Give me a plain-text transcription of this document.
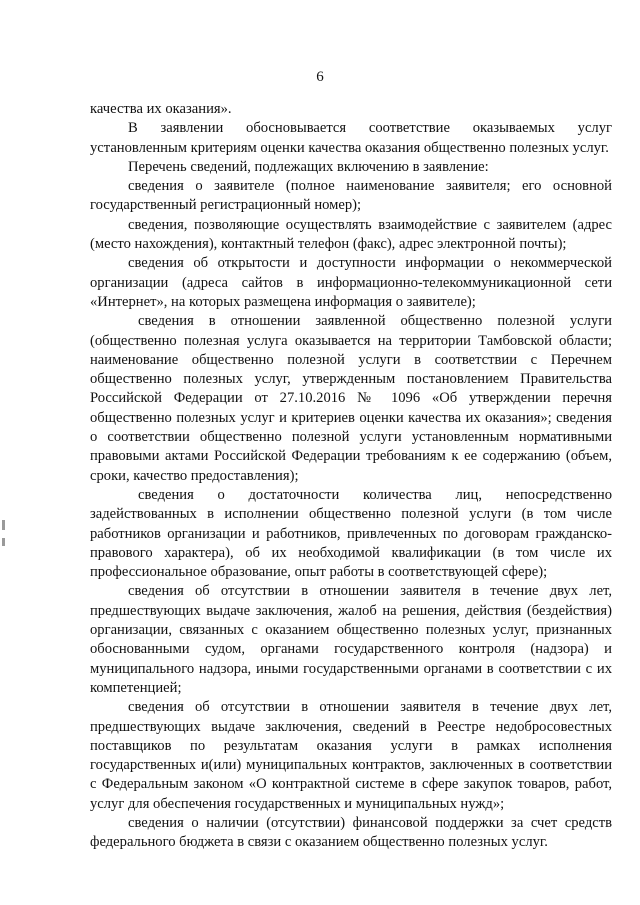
6

качества их оказания».

В заявлении обосновывается соответствие оказываемых услуг установленным критериям оценки качества оказания общественно полезных услуг.

Перечень сведений, подлежащих включению в заявление:

сведения о заявителе (полное наименование заявителя; его основной государственный регистрационный номер);

сведения, позволяющие осуществлять взаимодействие с заявителем (адрес (место нахождения), контактный телефон (факс), адрес электронной почты);

сведения об открытости и доступности информации о некоммерческой организации (адреса сайтов в информационно-телекоммуникационной сети «Интернет», на которых размещена информация о заявителе);

сведения в отношении заявленной общественно полезной услуги (общественно полезная услуга оказывается на территории Тамбовской области; наименование общественно полезной услуги в соответствии с Перечнем общественно полезных услуг, утвержденным постановлением Правительства Российской Федерации от 27.10.2016 № 1096 «Об утверждении перечня общественно полезных услуг и критериев оценки качества их оказания»; сведения о соответствии общественно полезной услуги установленным нормативными правовыми актами Российской Федерации требованиям к ее содержанию (объем, сроки, качество предоставления);

сведения о достаточности количества лиц, непосредственно задействованных в исполнении общественно полезной услуги (в том числе работников организации и работников, привлеченных по договорам гражданско-правового характера), об их необходимой квалификации (в том числе их профессиональное образование, опыт работы в соответствующей сфере);

сведения об отсутствии в отношении заявителя в течение двух лет, предшествующих выдаче заключения, жалоб на решения, действия (бездействия) организации, связанных с оказанием общественно полезных услуг, признанных обоснованными судом, органами государственного контроля (надзора) и муниципального надзора, иными государственными органами в соответствии с их компетенцией;

сведения об отсутствии в отношении заявителя в течение двух лет, предшествующих выдаче заключения, сведений в Реестре недобросовестных поставщиков по результатам оказания услуги в рамках исполнения государственных и(или) муниципальных контрактов, заключенных в соответствии с Федеральным законом «О контрактной системе в сфере закупок товаров, работ, услуг для обеспечения государственных и муниципальных нужд»;

сведения о наличии (отсутствии) финансовой поддержки за счет средств федерального бюджета в связи с оказанием общественно полезных услуг.
